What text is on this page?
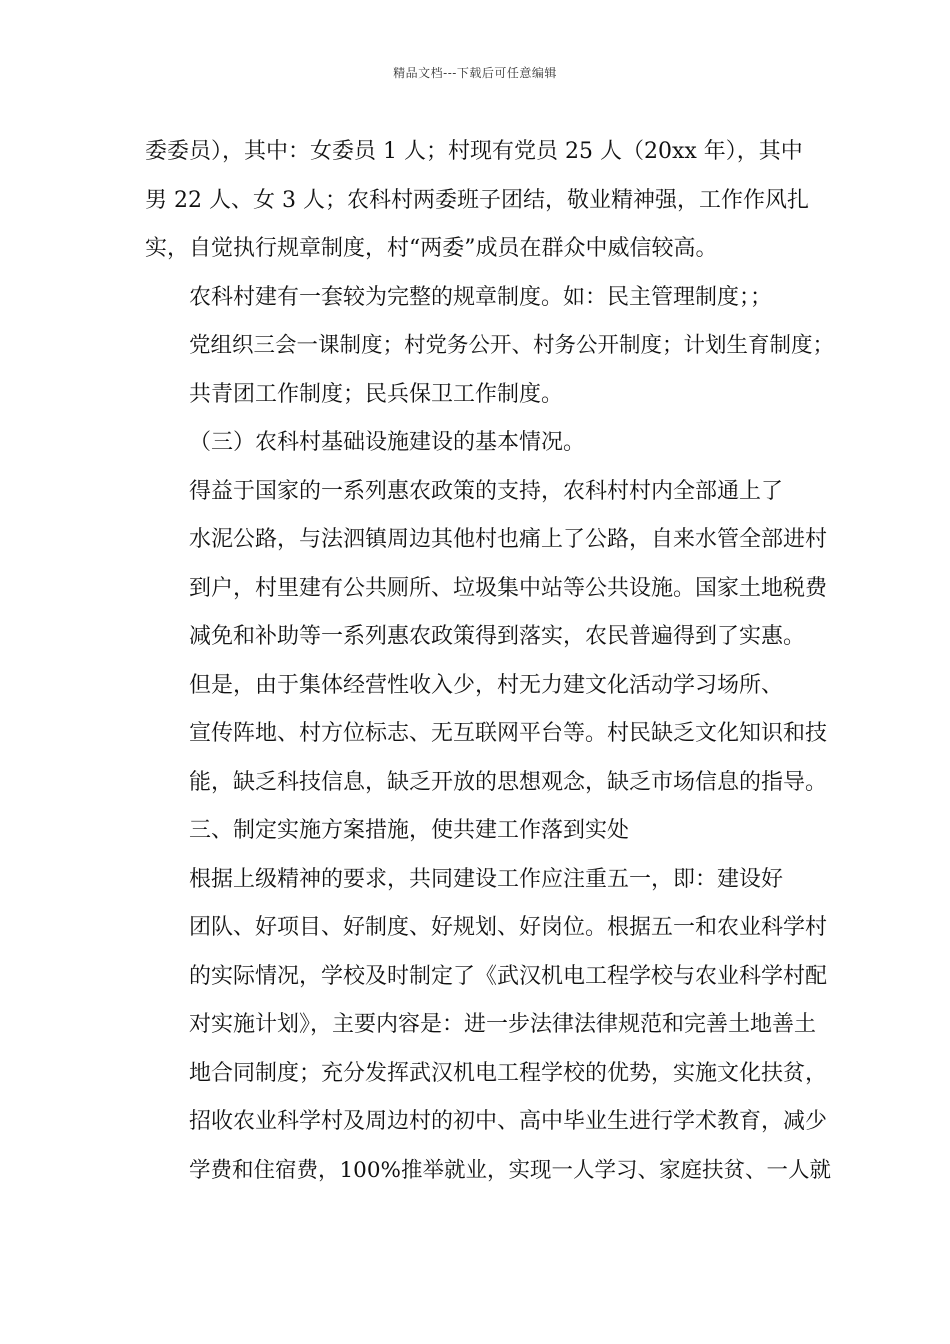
精品文档---下载后可任意编辑

委委员），其中：女委员 1 人；村现有党员 25 人（20xx 年），其中
男 22 人、女 3 人；农科村两委班子团结，敬业精神强，工作作风扎
实，自觉执行规章制度，村“两委”成员在群众中威信较高。

农科村建有一套较为完整的规章制度。如：民主管理制度；；
党组织三会一课制度；村党务公开、村务公开制度；计划生育制度；
共青团工作制度；民兵保卫工作制度。

（三）农科村基础设施建设的基本情况。

得益于国家的一系列惠农政策的支持，农科村村内全部通上了
水泥公路，与法泗镇周边其他村也痛上了公路，自来水管全部进村
到户，村里建有公共厕所、垃圾集中站等公共设施。国家土地税费
减免和补助等一系列惠农政策得到落实，农民普遍得到了实惠。

但是，由于集体经营性收入少，村无力建文化活动学习场所、
宣传阵地、村方位标志、无互联网平台等。村民缺乏文化知识和技
能，缺乏科技信息，缺乏开放的思想观念，缺乏市场信息的指导。

三、制定实施方案措施，使共建工作落到实处

根据上级精神的要求，共同建设工作应注重五一，即：建设好
团队、好项目、好制度、好规划、好岗位。根据五一和农业科学村
的实际情况，学校及时制定了《武汉机电工程学校与农业科学村配
对实施计划》，主要内容是：进一步法律法律规范和完善土地善土
地合同制度；充分发挥武汉机电工程学校的优势，实施文化扶贫，
招收农业科学村及周边村的初中、高中毕业生进行学术教育，减少
学费和住宿费，100%推举就业，实现一人学习、家庭扶贫、一人就
